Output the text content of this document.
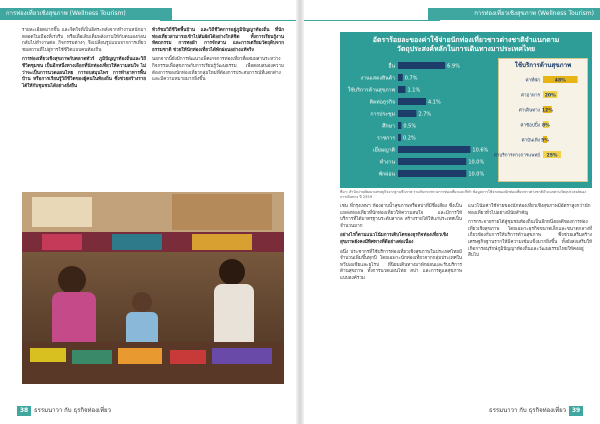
การท่องเที่ยวเชิงสุขภาพ (Wellness Tourism)

รายละเอียดมากขึ้น และจิตใจที่เป็นอิสระหลังจากทำงานหนักมาตลอดในเมืองที่เร่งรีบ หรือเพื่อเติมเต็มพลังงานให้กับตนเองก่อนกลับไปทำงานต่อ กิจกรรมต่างๆ จึงเปลี่ยนรูปแบบจากการเที่ยวชมสถานที่ไปสู่การใช้ชีวิตแบบคนท้องถิ่น

การท่องเที่ยวเชิงสุขภาพกับตลาดทัวร์ ภูมิปัญญาท้องถิ่นและวิถีชีวิตชุมชน เป็นอีกหนึ่งทางเลือกที่นักท่องเที่ยวให้ความสนใจ ไม่ว่าจะเป็นการนวดแผนไทย การอบสมุนไพร การทำอาหารพื้นบ้าน หรือการเรียนรู้วิถีชีวิตของผู้คนในท้องถิ่น ซึ่งช่วยสร้างรายได้ให้กับชุมชนได้อย่างยั่งยืน

ทัวร์ชมวิถีชีวิตพื้นบ้าน และวิถีชีวิตการอยู่ภูมิปัญญาท้องถิ่น ที่นักท่องเที่ยวสามารถเข้าไปสัมผัสได้อย่างใกล้ชิด ทั้งการเรียนรู้งานหัตถกรรม การทอผ้า การจักสาน และการเตรียมวัตถุดิบจากธรรมชาติ ช่วยให้นักท่องเที่ยวได้พักผ่อนอย่างแท้จริง

นอกจากนี้ยังมีการพัฒนาแพ็คเกจการท่องเที่ยวที่ผสมผสานระหว่างกิจกรรมเพื่อสุขภาพกับการเรียนรู้วัฒนธรรม เพื่อตอบสนองความต้องการของนักท่องเที่ยวกลุ่มใหม่ที่ต้องการประสบการณ์ที่แตกต่างและมีความหมายมากยิ่งขึ้น

38 ธรรมนาวา กับ ธุรกิจท่องเที่ยว
การท่องเที่ยวเชิงสุขภาพ (Wellness Tourism)
อัตราร้อยละของค่าใช้จ่ายนักท่องเที่ยวชาวต่างชาติจำแนกตาม
วัตถุประสงค์หลักในการเดินทางมาประเทศไทย
อื่น	6.9%
งานแสดงสินค้า 0.7%
ใช้บริการด้านสุขภาพ	1.1%
ติดต่อธุรกิจ	4.1%
การประชุม	2.7%
ศึกษา 0.5%
ราชการ 0.2%
เยี่ยมญาติ	10.6%
ทำงาน	10.0%
พักผ่อน	10.0%
ใช้บริการด้านสุขภาพ
ค่าที่พัก	48%
ค่าอาหาร 20%
ค่าเดินทาง 12%
ค่าช้อปปิ้ง 8%
ค่าบันเทิง 5%
ค่าบริการทางการแพทย์ 25%
ที่มา: สำนักงานพัฒนาเศรษฐกิจจากฐานชีวภาพ ร่วมกับกระทรวงการท่องเที่ยวและกีฬา ข้อมูลการใช้จ่ายของนักท่องเที่ยวชาวต่างชาติจำแนกตามวัตถุประสงค์ของการเดินทาง ปี 2559

เช่น ที่กรุงเทพฯ ห้องอาบน้ำสุขภาพหรือสปาที่มีชื่อเสียง ซึ่งเป็นแหล่งท่องเที่ยวที่นักท่องเที่ยวให้ความสนใจ และมีการให้บริการที่ได้มาตรฐานระดับสากล สร้างรายได้ให้แก่ประเทศเป็นจำนวนมาก

อย่างไรก็ตามแนวโน้มการเติบโตของธุรกิจท่องเที่ยวเชิงสุขภาพยังคงมีทิศทางที่ดีอย่างต่อเนื่อง

อนึ่ง ประชากรที่ใช้บริการท่องเที่ยวเชิงสุขภาพในประเทศไทยมีจำนวนเพิ่มขึ้นทุกปี โดยเฉพาะนักท่องเที่ยวจากกลุ่มประเทศในทวีปเอเชียและยุโรป ที่นิยมเดินทางมาพักผ่อนและรับบริการด้านสุขภาพ ทั้งการนวดแผนไทย สปา และการดูแลสุขภาพแบบองค์รวม

แนวโน้มค่าใช้จ่ายของนักท่องเที่ยวเชิงสุขภาพมีอัตราสูงกว่านักท่องเที่ยวทั่วไปอย่างมีนัยสำคัญ

การกระจายรายได้สู่ชุมชนท้องถิ่นเป็นอีกหนึ่งผลดีของการท่องเที่ยวเชิงสุขภาพ โดยเฉพาะธุรกิจขนาดเล็กและขนาดกลางที่เกี่ยวข้องกับการให้บริการด้านสุขภาพ ซึ่งช่วยเสริมสร้างเศรษฐกิจฐานรากให้มีความเข้มแข็งมากยิ่งขึ้น ทั้งยังส่งเสริมให้เกิดการอนุรักษ์ภูมิปัญญาท้องถิ่นและวัฒนธรรมไทยให้คงอยู่สืบไป

ธรรมนาวา กับ ธุรกิจท่องเที่ยว 39
